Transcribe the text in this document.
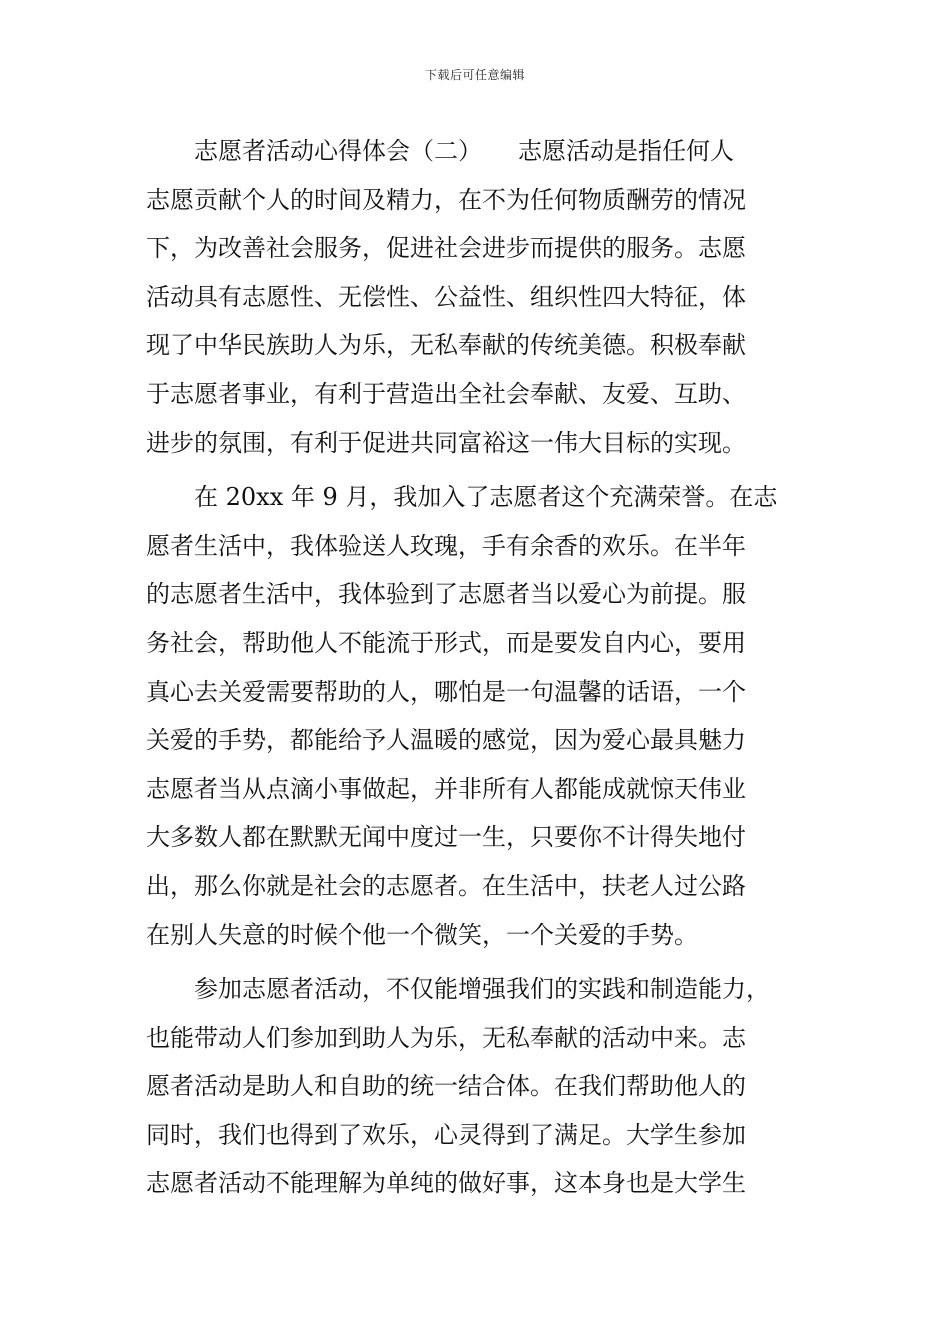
下载后可任意编辑
　　志愿者活动心得体会（二）　　志愿活动是指任何人
志愿贡献个人的时间及精力，在不为任何物质酬劳的情况
下，为改善社会服务，促进社会进步而提供的服务。志愿
活动具有志愿性、无偿性、公益性、组织性四大特征，体
现了中华民族助人为乐，无私奉献的传统美德。积极奉献
于志愿者事业，有利于营造出全社会奉献、友爱、互助、
进步的氛围，有利于促进共同富裕这一伟大目标的实现。
　　在 20xx 年 9 月，我加入了志愿者这个充满荣誉。在志
愿者生活中，我体验送人玫瑰，手有余香的欢乐。在半年
的志愿者生活中，我体验到了志愿者当以爱心为前提。服
务社会，帮助他人不能流于形式，而是要发自内心，要用
真心去关爱需要帮助的人，哪怕是一句温馨的话语，一个
关爱的手势，都能给予人温暖的感觉，因为爱心最具魅力
志愿者当从点滴小事做起，并非所有人都能成就惊天伟业
大多数人都在默默无闻中度过一生，只要你不计得失地付
出，那么你就是社会的志愿者。在生活中，扶老人过公路
在别人失意的时候个他一个微笑，一个关爱的手势。
　　参加志愿者活动，不仅能增强我们的实践和制造能力，
也能带动人们参加到助人为乐，无私奉献的活动中来。志
愿者活动是助人和自助的统一结合体。在我们帮助他人的
同时，我们也得到了欢乐，心灵得到了满足。大学生参加
志愿者活动不能理解为单纯的做好事，这本身也是大学生
